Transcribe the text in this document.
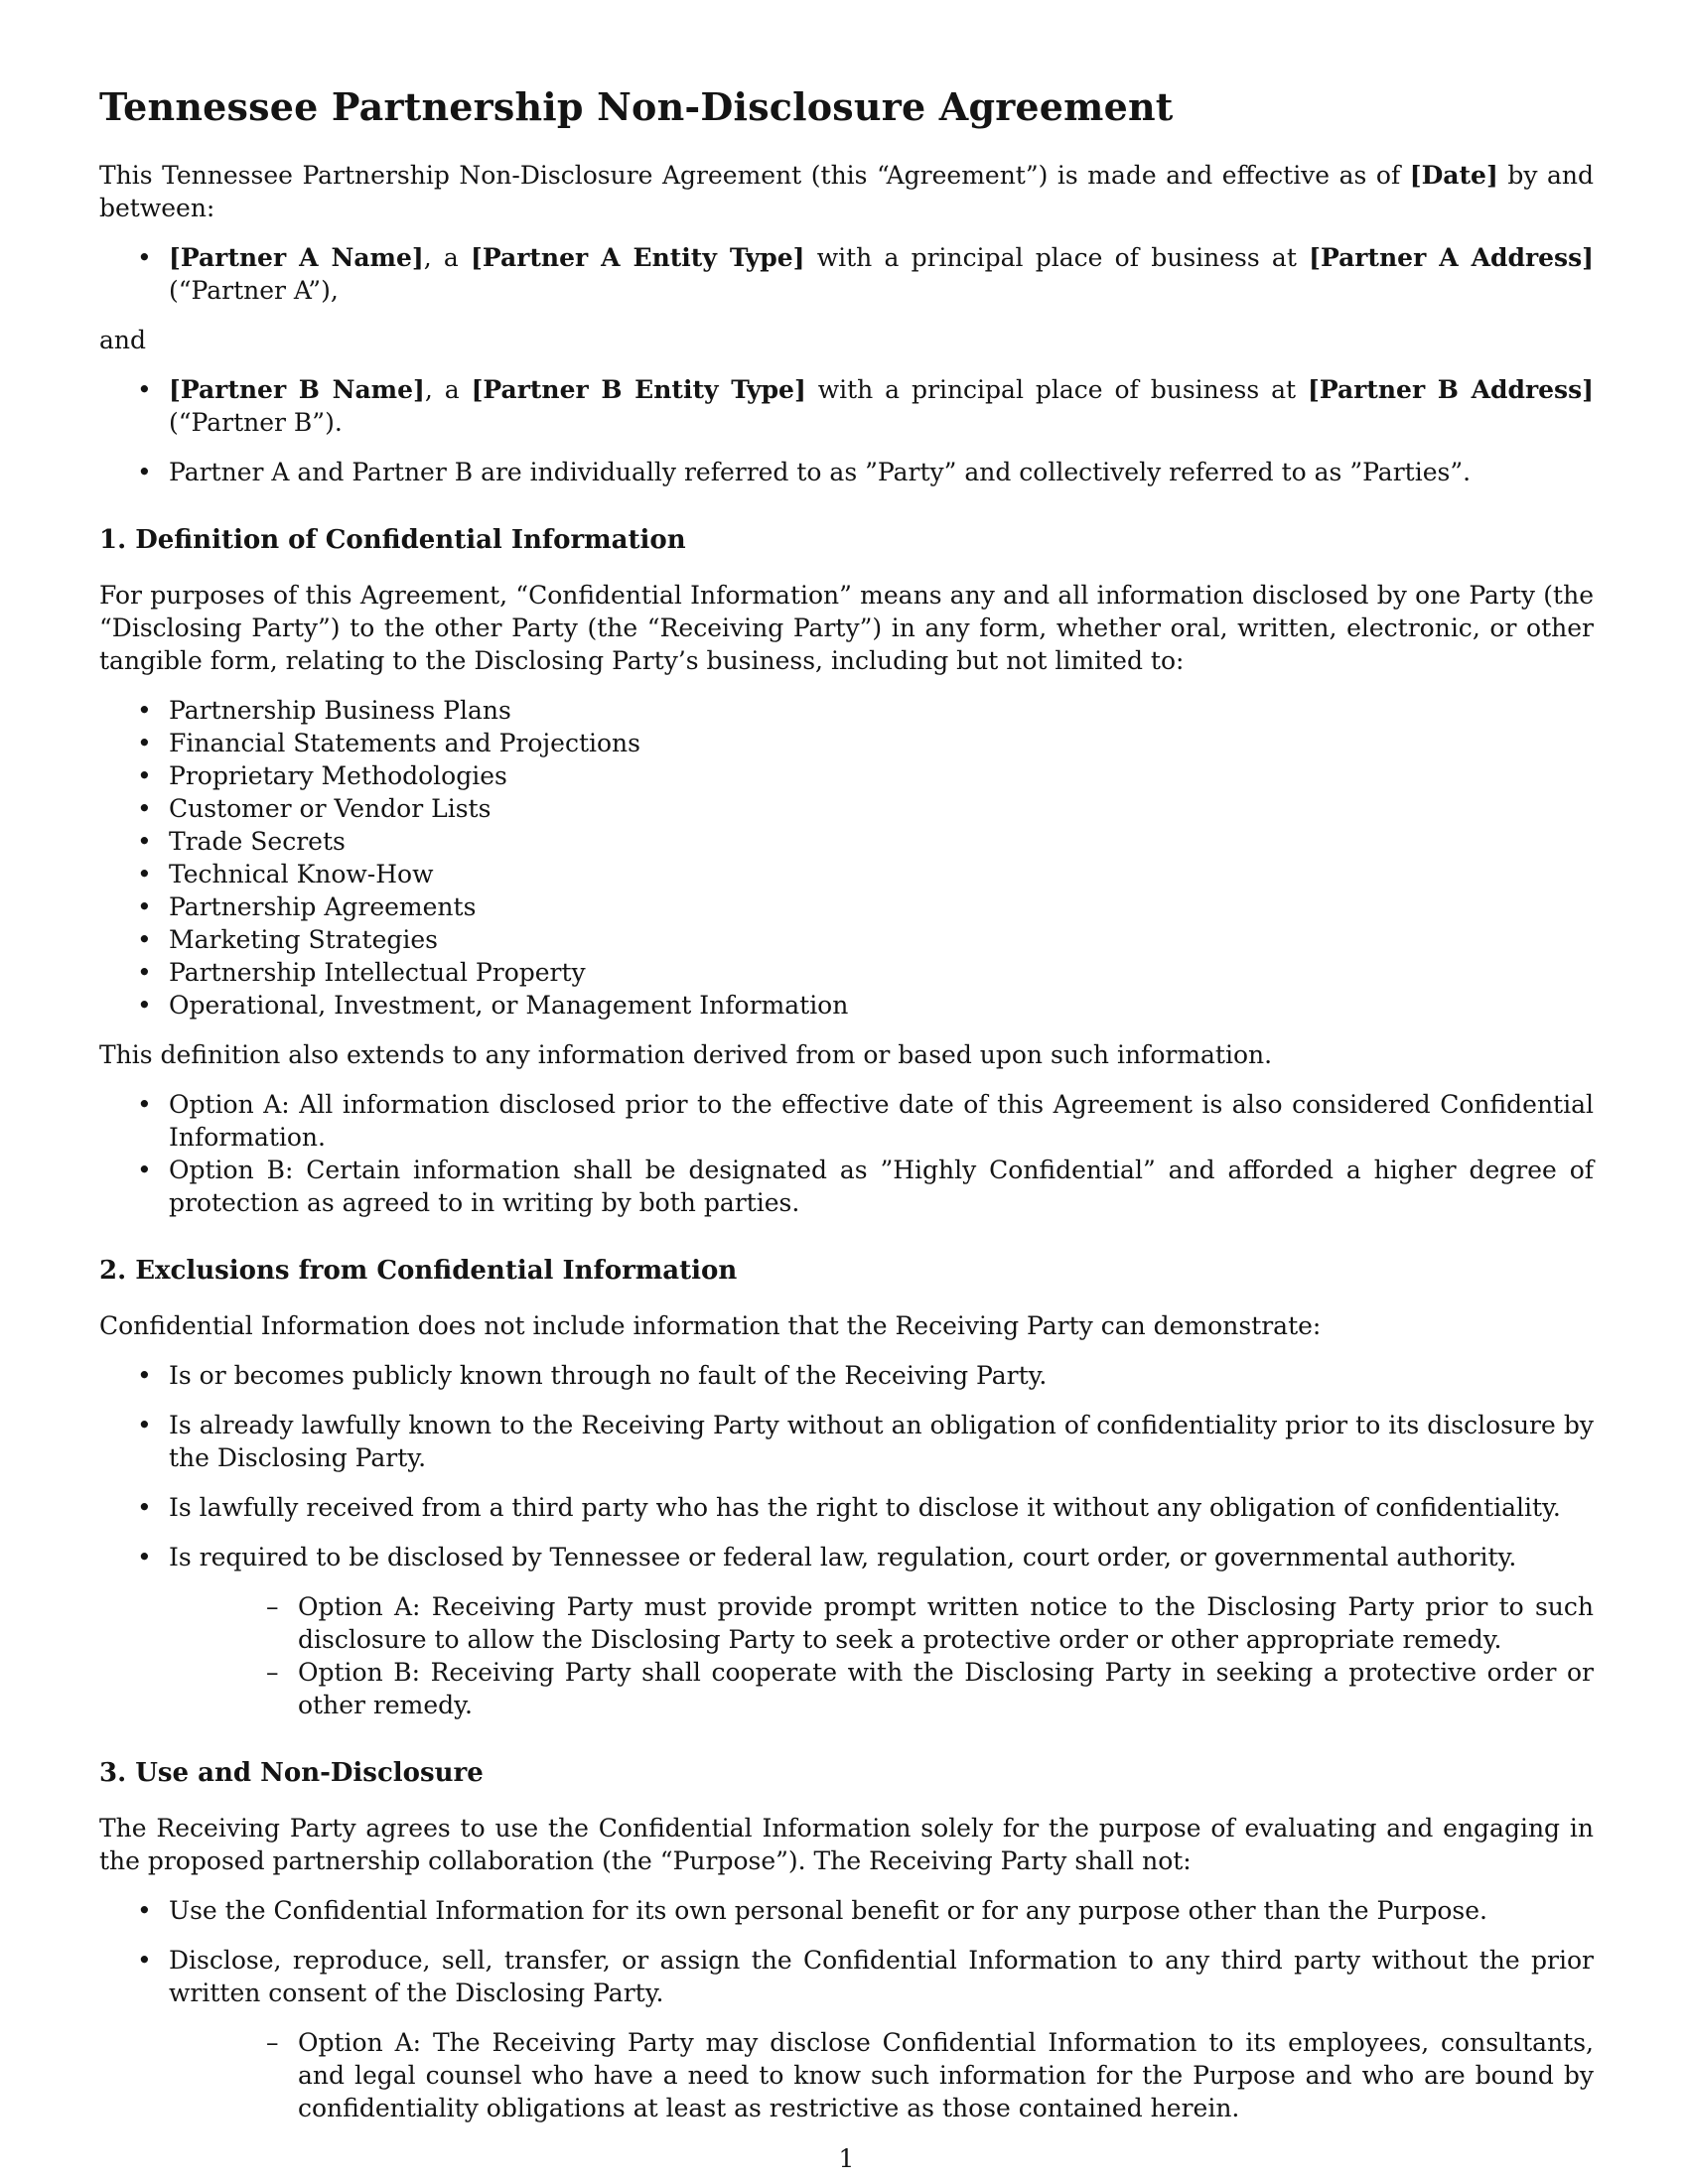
Tennessee Partnership Non-Disclosure Agreement

This Tennessee Partnership Non-Disclosure Agreement (this “Agreement”) is made and effective as of [Date] by and between:

• [Partner A Name], a [Partner A Entity Type] with a principal place of business at [Partner A Address] (“Partner A”),

and

• [Partner B Name], a [Partner B Entity Type] with a principal place of business at [Partner B Address] (“Partner B”).
• Partner A and Partner B are individually referred to as ”Party” and collectively referred to as ”Parties”.
1. Definition of Confidential Information

For purposes of this Agreement, “Confidential Information” means any and all information disclosed by one Party (the “Disclosing Party”) to the other Party (the “Receiving Party”) in any form, whether oral, written, electronic, or other tangible form, relating to the Disclosing Party’s business, including but not limited to:

• Partnership Business Plans
• Financial Statements and Projections
• Proprietary Methodologies
• Customer or Vendor Lists
• Trade Secrets
• Technical Know-How
• Partnership Agreements
• Marketing Strategies
• Partnership Intellectual Property
• Operational, Investment, or Management Information

This definition also extends to any information derived from or based upon such information.

• Option A: All information disclosed prior to the effective date of this Agreement is also considered Confidential Information.
• Option B: Certain information shall be designated as ”Highly Confidential” and afforded a higher degree of protection as agreed to in writing by both parties.
2. Exclusions from Confidential Information

Confidential Information does not include information that the Receiving Party can demonstrate:

• Is or becomes publicly known through no fault of the Receiving Party.
• Is already lawfully known to the Receiving Party without an obligation of confidentiality prior to its disclosure by the Disclosing Party.
• Is lawfully received from a third party who has the right to disclose it without any obligation of confidentiality.
• Is required to be disclosed by Tennessee or federal law, regulation, court order, or governmental authority.
– Option A: Receiving Party must provide prompt written notice to the Disclosing Party prior to such disclosure to allow the Disclosing Party to seek a protective order or other appropriate remedy.
– Option B: Receiving Party shall cooperate with the Disclosing Party in seeking a protective order or other remedy.
3. Use and Non-Disclosure

The Receiving Party agrees to use the Confidential Information solely for the purpose of evaluating and engaging in the proposed partnership collaboration (the “Purpose”). The Receiving Party shall not:

• Use the Confidential Information for its own personal benefit or for any purpose other than the Purpose.
• Disclose, reproduce, sell, transfer, or assign the Confidential Information to any third party without the prior written consent of the Disclosing Party.
– Option A: The Receiving Party may disclose Confidential Information to its employees, consultants, and legal counsel who have a need to know such information for the Purpose and who are bound by confidentiality obligations at least as restrictive as those contained herein.
1
